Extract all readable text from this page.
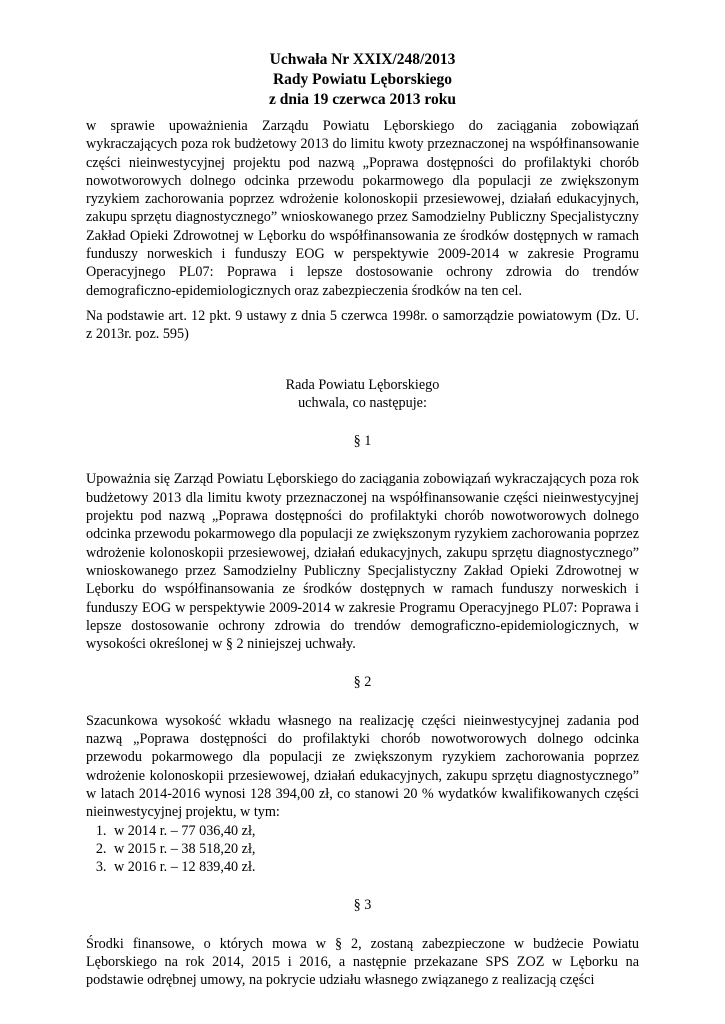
Uchwała Nr XXIX/248/2013
Rady Powiatu Lęborskiego
z dnia 19 czerwca 2013 roku

w sprawie upoważnienia Zarządu Powiatu Lęborskiego do zaciągania zobowiązań wykraczających poza rok budżetowy 2013 do limitu kwoty przeznaczonej na współfinansowanie części nieinwestycyjnej projektu pod nazwą „Poprawa dostępności do profilaktyki chorób nowotworowych dolnego odcinka przewodu pokarmowego dla populacji ze zwiększonym ryzykiem zachorowania poprzez wdrożenie kolonoskopii przesiewowej, działań edukacyjnych, zakupu sprzętu diagnostycznego” wnioskowanego przez Samodzielny Publiczny Specjalistyczny Zakład Opieki Zdrowotnej w Lęborku do współfinansowania ze środków dostępnych w ramach funduszy norweskich i funduszy EOG w perspektywie 2009-2014 w zakresie Programu Operacyjnego PL07: Poprawa i lepsze dostosowanie ochrony zdrowia do trendów demograficzno-epidemiologicznych oraz zabezpieczenia środków na ten cel.

Na podstawie art. 12 pkt. 9 ustawy z dnia 5 czerwca 1998r. o samorządzie powiatowym (Dz. U. z 2013r. poz. 595)

Rada Powiatu Lęborskiego

uchwala, co następuje:

§ 1

Upoważnia się Zarząd Powiatu Lęborskiego do zaciągania zobowiązań wykraczających poza rok budżetowy 2013 dla limitu kwoty przeznaczonej na współfinansowanie części nieinwestycyjnej projektu pod nazwą „Poprawa dostępności do profilaktyki chorób nowotworowych dolnego odcinka przewodu pokarmowego dla populacji ze zwiększonym ryzykiem zachorowania poprzez wdrożenie kolonoskopii przesiewowej, działań edukacyjnych, zakupu sprzętu diagnostycznego” wnioskowanego przez Samodzielny Publiczny Specjalistyczny Zakład Opieki Zdrowotnej w Lęborku do współfinansowania ze środków dostępnych w ramach funduszy norweskich i funduszy EOG w perspektywie 2009-2014 w zakresie Programu Operacyjnego PL07: Poprawa i lepsze dostosowanie ochrony zdrowia do trendów demograficzno-epidemiologicznych, w wysokości określonej w § 2 niniejszej uchwały.

§ 2

Szacunkowa wysokość wkładu własnego na realizację części nieinwestycyjnej zadania pod nazwą „Poprawa dostępności do profilaktyki chorób nowotworowych dolnego odcinka przewodu pokarmowego dla populacji ze zwiększonym ryzykiem zachorowania poprzez wdrożenie kolonoskopii przesiewowej, działań edukacyjnych, zakupu sprzętu diagnostycznego” w latach 2014-2016 wynosi 128 394,00 zł, co stanowi 20 % wydatków kwalifikowanych części nieinwestycyjnej projektu, w tym:

1. w 2014 r. – 77 036,40 zł,
2. w 2015 r. – 38 518,20 zł,
3. w 2016 r. – 12 839,40 zł.

§ 3

Środki finansowe, o których mowa w § 2, zostaną zabezpieczone w budżecie Powiatu Lęborskiego na rok 2014, 2015 i 2016, a następnie przekazane SPS ZOZ w Lęborku na podstawie odrębnej umowy, na pokrycie udziału własnego związanego z realizacją części
